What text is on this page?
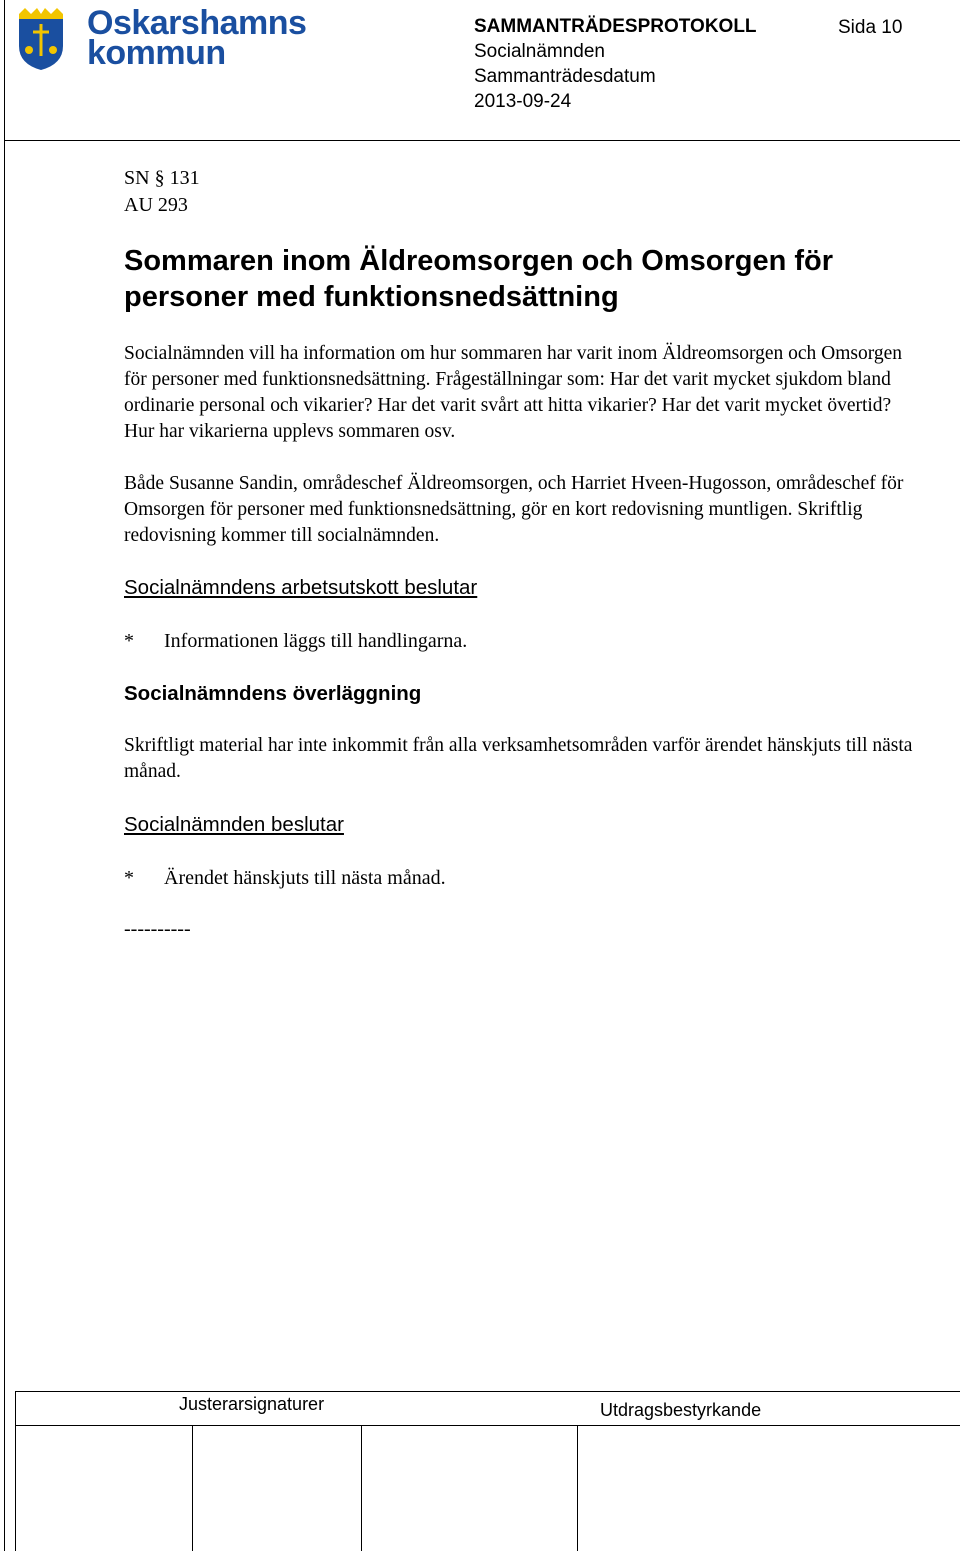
Oskarshamns
kommun
SAMMANTRÄDESPROTOKOLL	Sida 10
Socialnämnden
Sammanträdesdatum
2013-09-24
SN § 131
AU 293
Sommaren inom Äldreomsorgen och Omsorgen för personer med funktionsnedsättning
Socialnämnden vill ha information om hur sommaren har varit inom Äldreomsorgen och Omsorgen för personer med funktionsnedsättning. Frågeställningar som: Har det varit mycket sjukdom bland ordinarie personal och vikarier? Har det varit svårt att hitta vikarier? Har det varit mycket övertid? Hur har vikarierna upplevs sommaren osv.
Både Susanne Sandin, områdeschef Äldreomsorgen, och Harriet Hveen-Hugosson, områdeschef för Omsorgen för personer med funktionsnedsättning, gör en kort redovisning muntligen. Skriftlig redovisning kommer till socialnämnden.
Socialnämndens arbetsutskott beslutar
* Informationen läggs till handlingarna.
Socialnämndens överläggning
Skriftligt material har inte inkommit från alla verksamhetsområden varför ärendet hänskjuts till nästa månad.
Socialnämnden beslutar
* Ärendet hänskjuts till nästa månad.
----------
Justerarsignaturer	Utdragsbestyrkande
